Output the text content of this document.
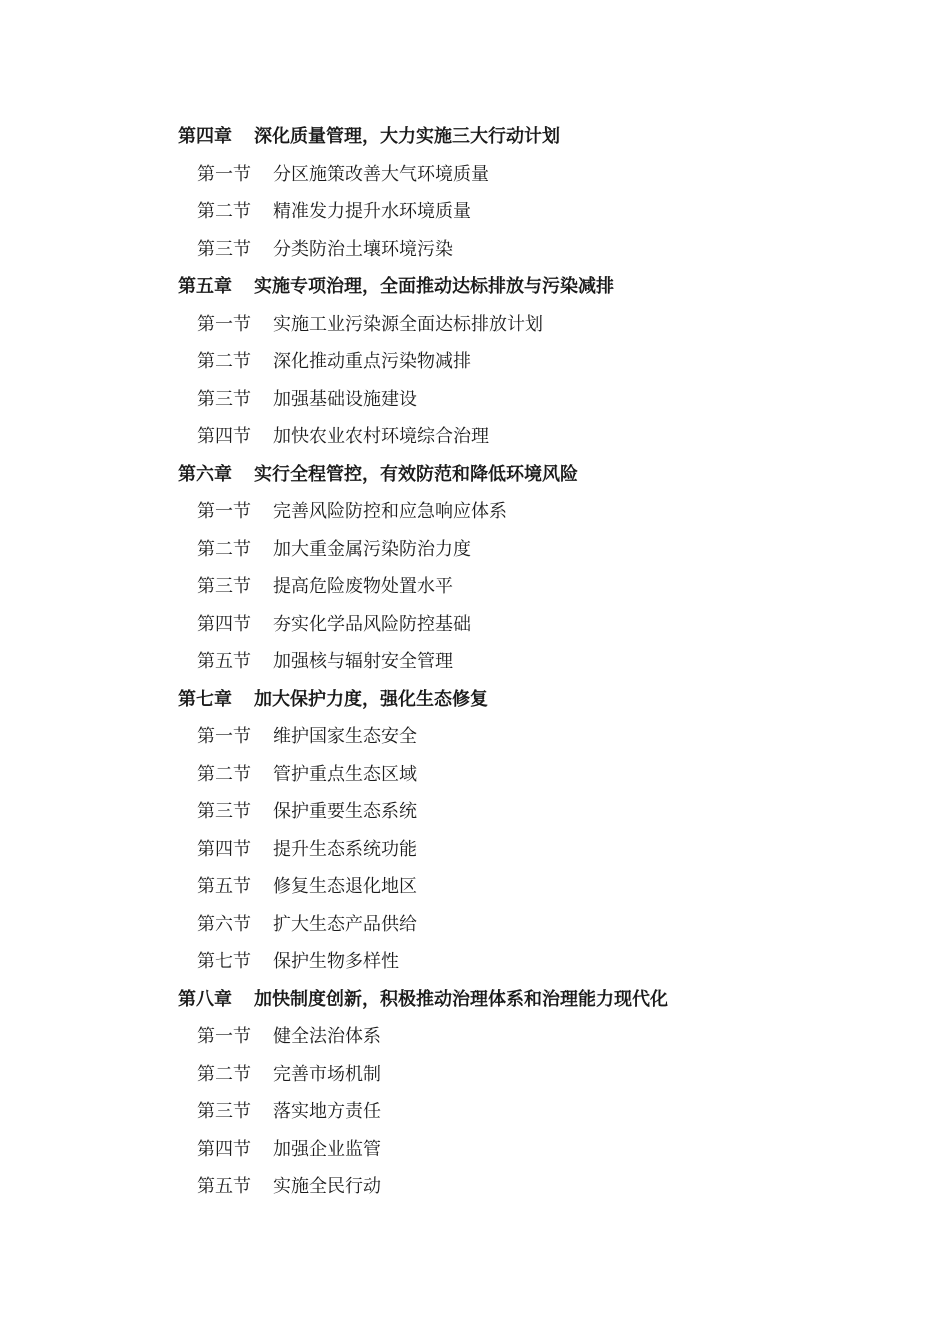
第四章 深化质量管理，大力实施三大行动计划
第一节 分区施策改善大气环境质量
第二节 精准发力提升水环境质量
第三节 分类防治土壤环境污染
第五章 实施专项治理，全面推动达标排放与污染减排
第一节 实施工业污染源全面达标排放计划
第二节 深化推动重点污染物减排
第三节 加强基础设施建设
第四节 加快农业农村环境综合治理
第六章 实行全程管控，有效防范和降低环境风险
第一节 完善风险防控和应急响应体系
第二节 加大重金属污染防治力度
第三节 提高危险废物处置水平
第四节 夯实化学品风险防控基础
第五节 加强核与辐射安全管理
第七章 加大保护力度，强化生态修复
第一节 维护国家生态安全
第二节 管护重点生态区域
第三节 保护重要生态系统
第四节 提升生态系统功能
第五节 修复生态退化地区
第六节 扩大生态产品供给
第七节 保护生物多样性
第八章 加快制度创新，积极推动治理体系和治理能力现代化
第一节 健全法治体系
第二节 完善市场机制
第三节 落实地方责任
第四节 加强企业监管
第五节 实施全民行动
